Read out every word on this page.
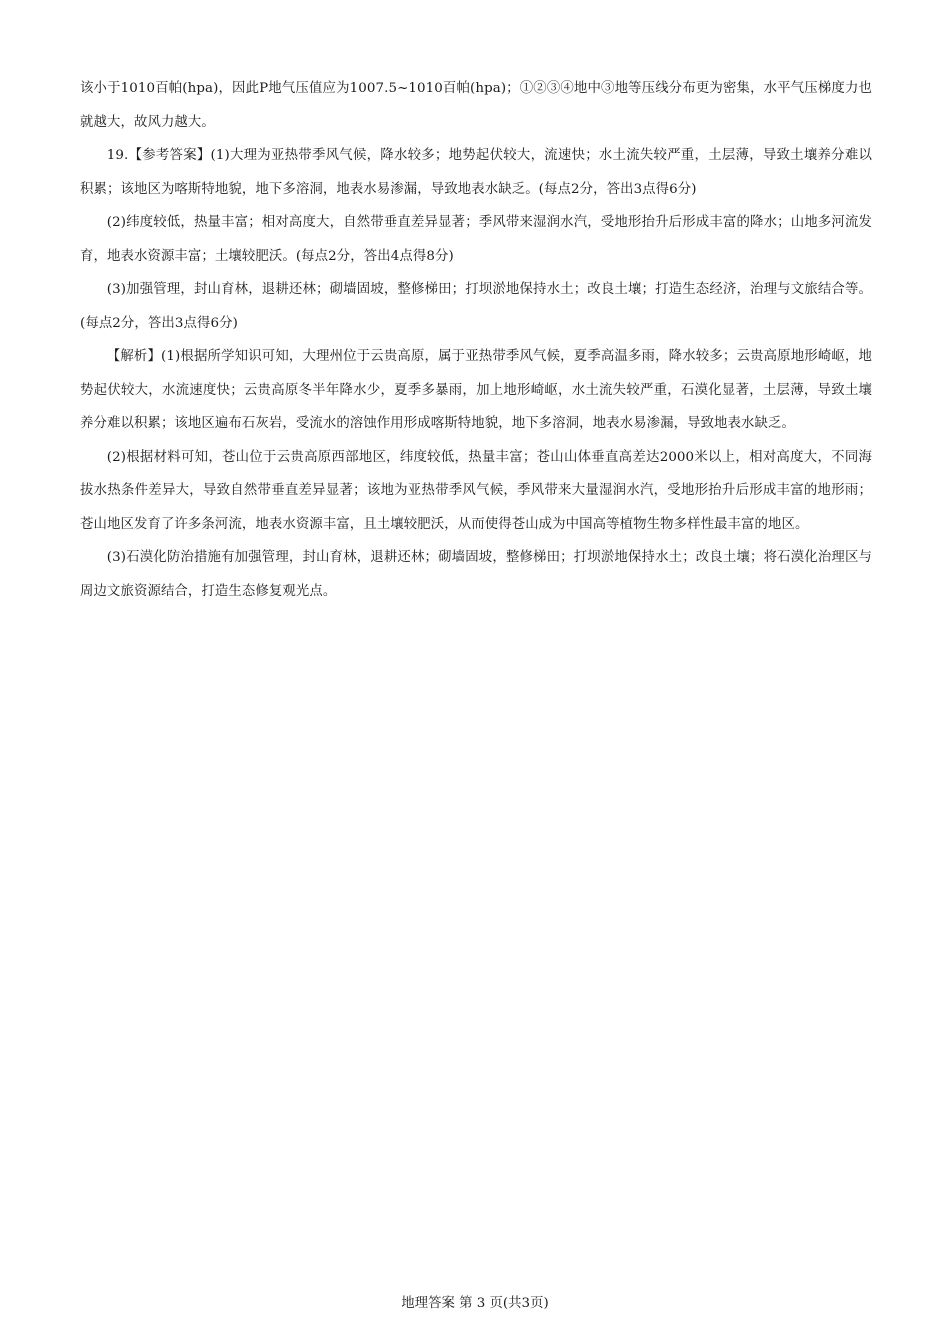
该小于1010百帕(hpa)，因此P地气压值应为1007.5~1010百帕(hpa)；①②③④地中③地等压线分布更为密集，水平气压梯度力也就越大，故风力越大。

19.【参考答案】(1)大理为亚热带季风气候，降水较多；地势起伏较大，流速快；水土流失较严重，土层薄，导致土壤养分难以积累；该地区为喀斯特地貌，地下多溶洞，地表水易渗漏，导致地表水缺乏。(每点2分，答出3点得6分)

(2)纬度较低，热量丰富；相对高度大，自然带垂直差异显著；季风带来湿润水汽，受地形抬升后形成丰富的降水；山地多河流发育，地表水资源丰富；土壤较肥沃。(每点2分，答出4点得8分)

(3)加强管理，封山育林，退耕还林；砌墙固坡，整修梯田；打坝淤地保持水土；改良土壤；打造生态经济，治理与文旅结合等。(每点2分，答出3点得6分)

【解析】(1)根据所学知识可知，大理州位于云贵高原，属于亚热带季风气候，夏季高温多雨，降水较多；云贵高原地形崎岖，地势起伏较大，水流速度快；云贵高原冬半年降水少，夏季多暴雨，加上地形崎岖，水土流失较严重，石漠化显著，土层薄，导致土壤养分难以积累；该地区遍布石灰岩，受流水的溶蚀作用形成喀斯特地貌，地下多溶洞，地表水易渗漏，导致地表水缺乏。

(2)根据材料可知，苍山位于云贵高原西部地区，纬度较低，热量丰富；苍山山体垂直高差达2000米以上，相对高度大，不同海拔水热条件差异大，导致自然带垂直差异显著；该地为亚热带季风气候，季风带来大量湿润水汽，受地形抬升后形成丰富的地形雨；苍山地区发育了许多条河流，地表水资源丰富，且土壤较肥沃，从而使得苍山成为中国高等植物生物多样性最丰富的地区。

(3)石漠化防治措施有加强管理，封山育林，退耕还林；砌墙固坡，整修梯田；打坝淤地保持水土；改良土壤；将石漠化治理区与周边文旅资源结合，打造生态修复观光点。

地理答案 第 3 页(共3页)
